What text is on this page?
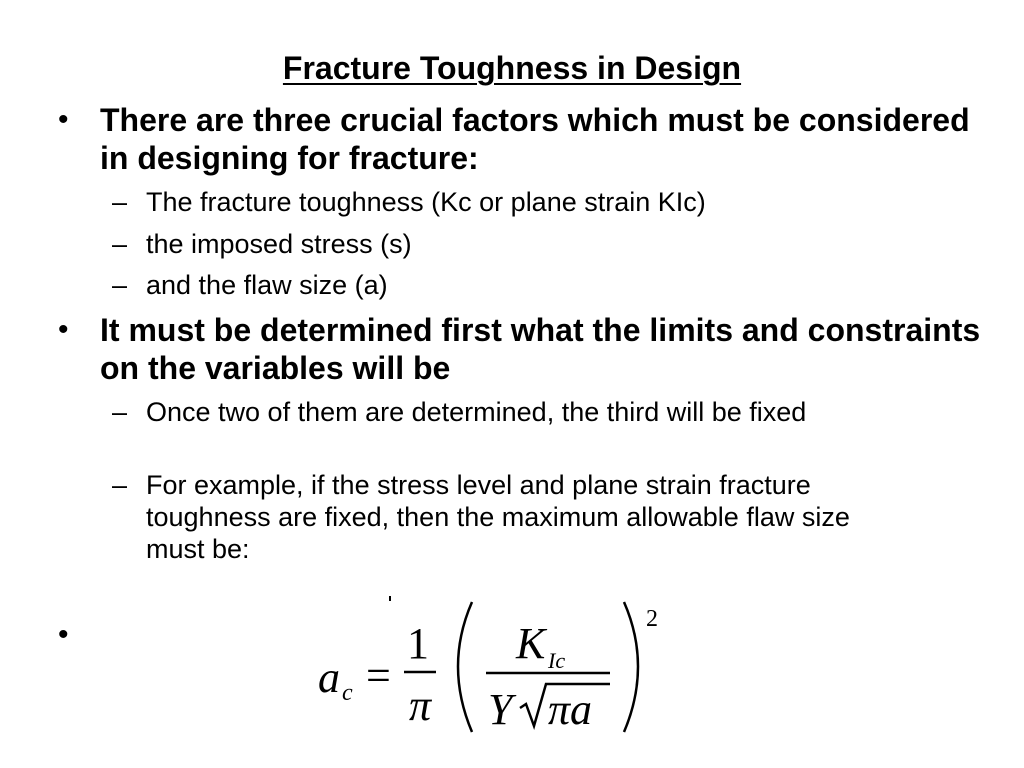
Fracture Toughness in Design
• There are three crucial factors which must be considered in designing for fracture:
– The fracture toughness (Kc or plane strain KIc)
– the imposed stress (s)
– and the flaw size (a)
• It must be determined first what the limits and constraints on the variables will be
– Once two of them are determined, the third will be fixed
– For example, if the stress level and plane strain fracture toughness are fixed, then the maximum allowable flaw size must be:
•
a c =
1
π
K Ic
Y πa
2
